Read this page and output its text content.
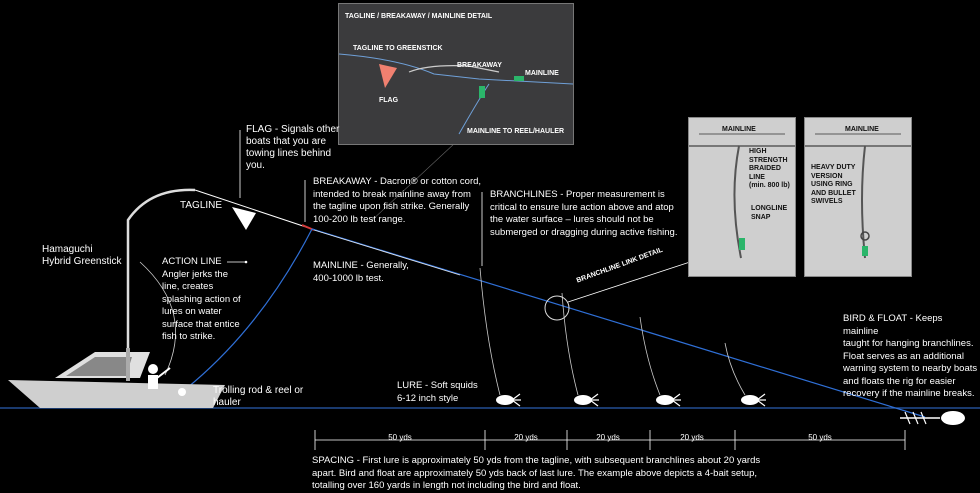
TAGLINE / BREAKAWAY / MAINLINE DETAIL
TAGLINE TO GREENSTICK
BREAKAWAY
MAINLINE
FLAG
MAINLINE TO REEL/HAULER	MAINLINE
HIGH
STRENGTH
BRAIDED LINE
(min. 800 lb)
LONGLINE
SNAP
MAINLINE
HEAVY DUTY
VERSION
USING RING
AND BULLET
SWIVELS
Hamaguchi
Hybrid Greenstick
FLAG - Signals other
boats that you are
towing lines behind
you.
TAGLINE
BREAKAWAY - Dacron® or cotton cord,
intended to break mainline away from
the tagline upon fish strike. Generally
100-200 lb test range.
BRANCHLINES - Proper measurement is
critical to ensure lure action above and atop
the water surface – lures should not be
submerged or dragging during active fishing.
ACTION LINE
Angler jerks the
line, creates
splashing action of
lures on water
surface that entice
fish to strike.
MAINLINE - Generally,
400-1000 lb test.	BRANCHLINE LINK DETAIL
LURE - Soft squids
6-12 inch style
Trolling rod & reel or
hauler
BIRD & FLOAT - Keeps mainline
taught for hanging branchlines.
Float serves as an additional
warning system to nearby boats
and floats the rig for easier
recovery if the mainline breaks.
50 yds	20 yds	20 yds	20 yds	50 yds
SPACING - First lure is approximately 50 yds from the tagline, with subsequent branchlines about 20 yards
apart. Bird and float are approximately 50 yds back of last lure. The example above depicts a 4-bait setup,
totalling over 160 yards in length not including the bird and float.
